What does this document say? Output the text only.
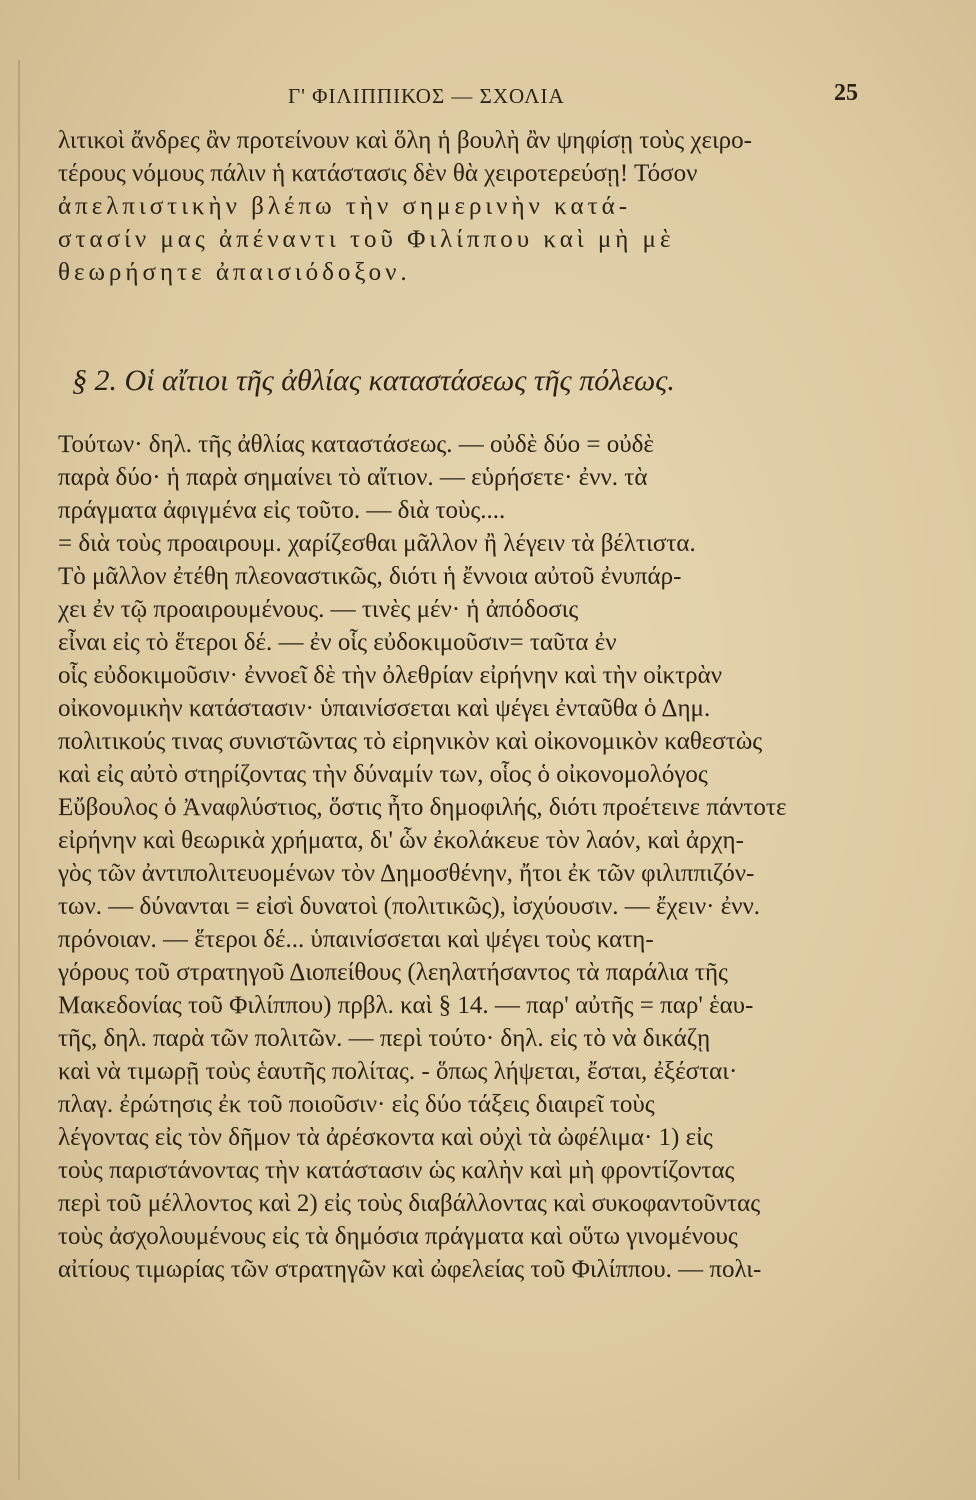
Γ' ΦΙΛΙΠΠΙΚΟΣ — ΣΧΟΛΙΑ	25
λιτικοὶ ἄνδρες ἂν προτείνουν καὶ ὅλη ἡ βουλὴ ἂν ψηφίσῃ τοὺς χειρο-
τέρους νόμους πάλιν ἡ κατάστασις δὲν θὰ χειροτερεύσῃ! Τόσον
ἀπελπιστικὴν βλέπω τὴν σημερινὴν κατά-
στασίν μας ἀπέναντι τοῦ Φιλίππου καὶ μὴ μὲ
θεωρήσητε ἀπαισιόδοξον.
§ 2. Οἱ αἴτιοι τῆς ἀθλίας καταστάσεως τῆς πόλεως.
Τούτων· δηλ. τῆς ἀθλίας καταστάσεως. — οὐδὲ δύο = οὐδὲ
παρὰ δύο· ἡ παρὰ σημαίνει τὸ αἴτιον. — εὑρήσετε· ἐνν. τὰ
πράγματα ἀφιγμένα εἰς τοῦτο. — διὰ τοὺς....
= διὰ τοὺς προαιρουμ. χαρίζεσθαι μᾶλλον ἢ λέγειν τὰ βέλτιστα.
Τὸ μᾶλλον ἐτέθη πλεοναστικῶς, διότι ἡ ἔννοια αὐτοῦ ἐνυπάρ-
χει ἐν τῷ προαιρουμένους. — τινὲς μέν· ἡ ἀπόδοσις
εἶναι εἰς τὸ ἕτεροι δέ. — ἐν οἷς εὐδοκιμοῦσιν= ταῦτα ἐν
οἷς εὐδοκιμοῦσιν· ἐννοεῖ δὲ τὴν ὀλεθρίαν εἰρήνην καὶ τὴν οἰκτρὰν
οἰκονομικὴν κατάστασιν· ὑπαινίσσεται καὶ ψέγει ἐνταῦθα ὁ Δημ.
πολιτικούς τινας συνιστῶντας τὸ εἰρηνικὸν καὶ οἰκονομικὸν καθεστὼς
καὶ εἰς αὐτὸ στηρίζοντας τὴν δύναμίν των, οἷος ὁ οἰκονομολόγος
Εὔβουλος ὁ Ἀναφλύστιος, ὅστις ἦτο δημοφιλής, διότι προέτεινε πάντοτε
εἰρήνην καὶ θεωρικὰ χρήματα, δι' ὧν ἐκολάκευε τὸν λαόν, καὶ ἀρχη-
γὸς τῶν ἀντιπολιτευομένων τὸν Δημοσθένην, ἤτοι ἐκ τῶν φιλιππιζόν-
των. — δύνανται = εἰσὶ δυνατοὶ (πολιτικῶς), ἰσχύουσιν. — ἔχειν· ἐνν.
πρόνοιαν. — ἕτεροι δέ... ὑπαινίσσεται καὶ ψέγει τοὺς κατη-
γόρους τοῦ στρατηγοῦ Διοπείθους (λεηλατήσαντος τὰ παράλια τῆς
Μακεδονίας τοῦ Φιλίππου) πρβλ. καὶ § 14. — παρ' αὐτῆς = παρ' ἑαυ-
τῆς, δηλ. παρὰ τῶν πολιτῶν. — περὶ τούτο· δηλ. εἰς τὸ νὰ δικάζῃ
καὶ νὰ τιμωρῇ τοὺς ἑαυτῆς πολίτας. - ὅπως λήψεται, ἔσται, ἐξέσται·
πλαγ. ἐρώτησις ἐκ τοῦ ποιοῦσιν· εἰς δύο τάξεις διαιρεῖ τοὺς
λέγοντας εἰς τὸν δῆμον τὰ ἀρέσκοντα καὶ οὐχὶ τὰ ὠφέλιμα· 1) εἰς
τοὺς παριστάνοντας τὴν κατάστασιν ὡς καλὴν καὶ μὴ φροντίζοντας
περὶ τοῦ μέλλοντος καὶ 2) εἰς τοὺς διαβάλλοντας καὶ συκοφαντοῦντας
τοὺς ἀσχολουμένους εἰς τὰ δημόσια πράγματα καὶ οὕτω γινομένους
αἰτίους τιμωρίας τῶν στρατηγῶν καὶ ὠφελείας τοῦ Φιλίππου. — πολι-
